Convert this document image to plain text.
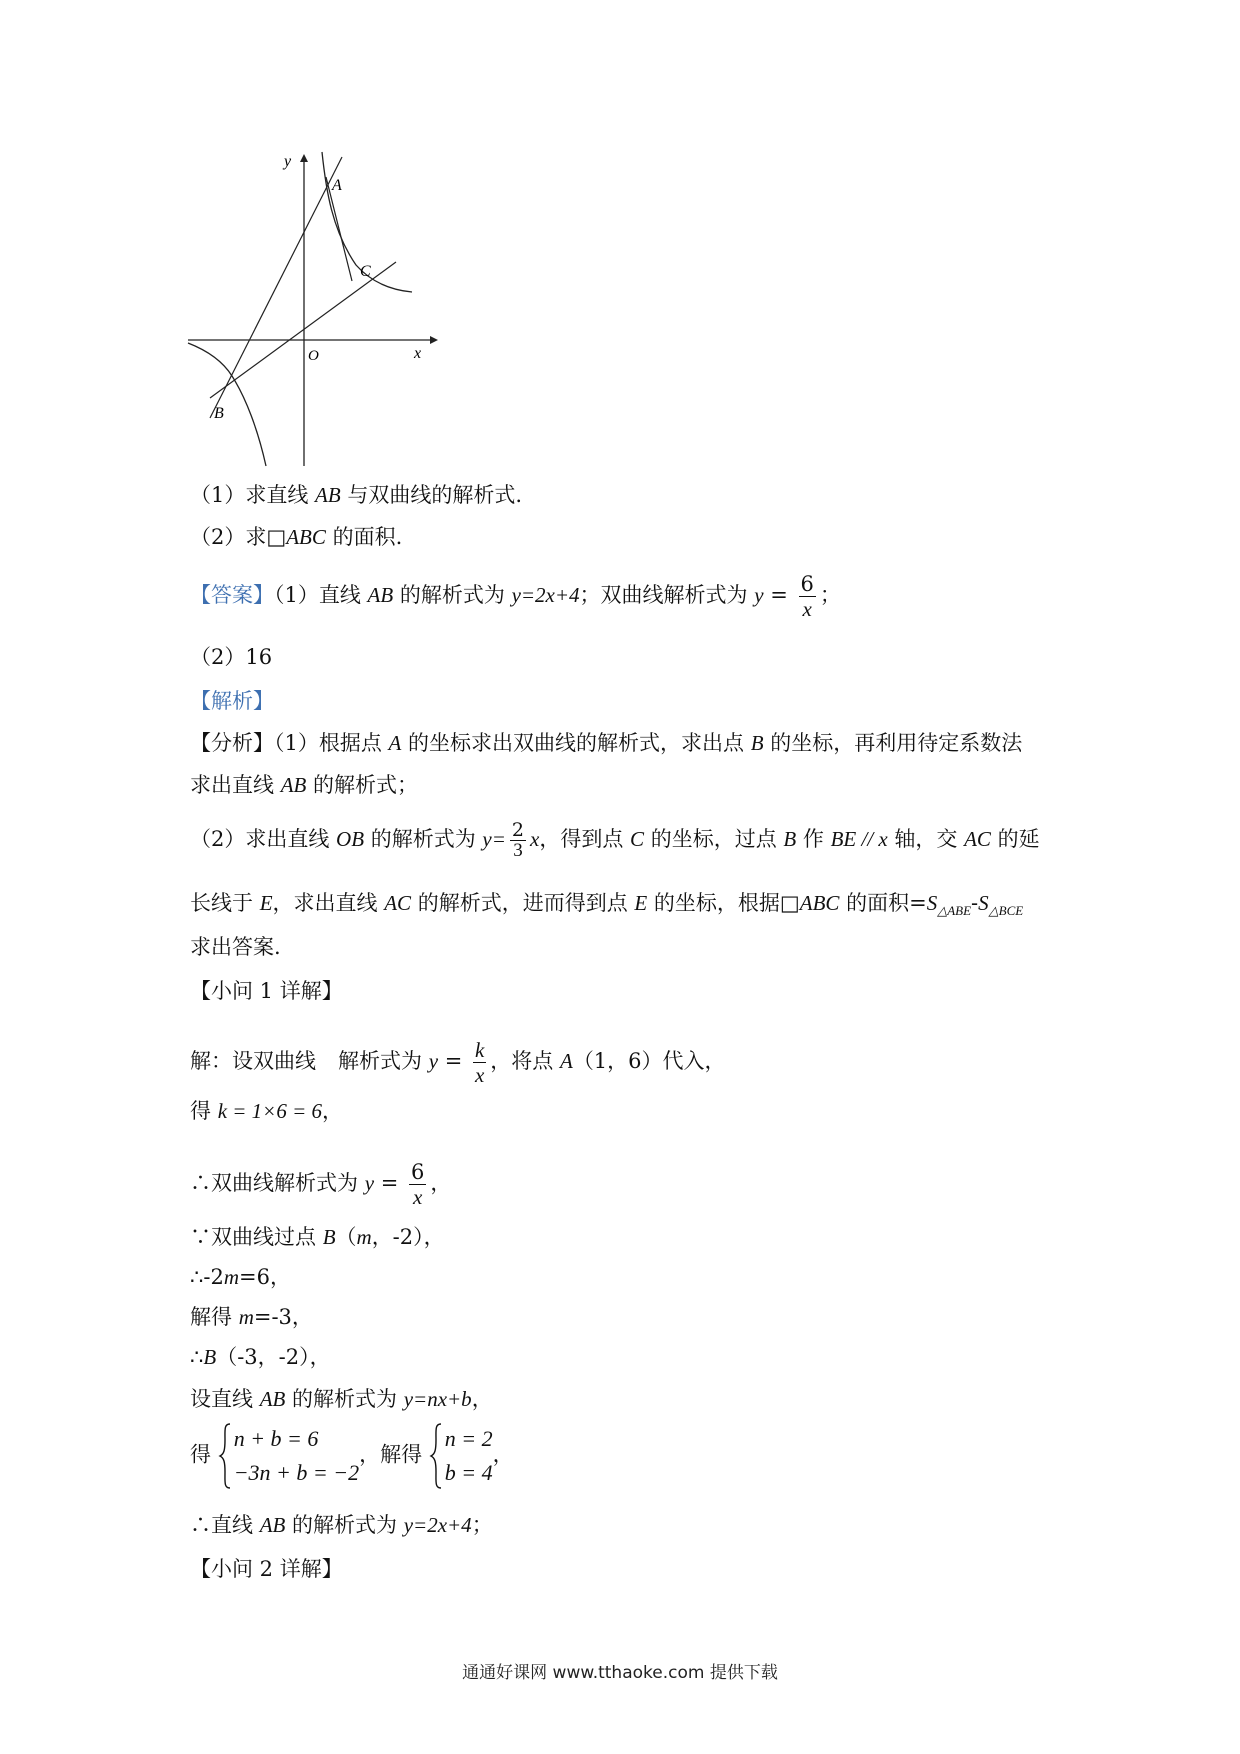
y
x
O
A
C
B
（1）求直线 AB 与双曲线的解析式.
（2）求□ABC 的面积.
【答案】（1）直线 AB 的解析式为 y=2x+4；双曲线解析式为 $y = \frac{6}{x}$ ；
（2）16
【解析】
【分析】（1）根据点 A 的坐标求出双曲线的解析式，求出点 B 的坐标，再利用待定系数法
求出直线 AB 的解析式；
（2）求出直线 OB 的解析式为 $y= \frac{2}{3}$ x，得到点 C 的坐标，过点 B 作 BE // x 轴，交 AC 的延
长线于 E，求出直线 AC 的解析式，进而得到点 E 的坐标，根据□ABC 的面积$=S_{\triangle ABE}-S_{\triangle BCE}$
求出答案.
【小问 1 详解】
解：设双曲线 解析式为 $y = \frac{k}{x}$ ，将点 A（1，6）代入，
得 k = 1×6 = 6，
∴双曲线解析式为 $y = \frac{6}{x}$ ，
∵双曲线过点 B（m，-2），
∴-2m=6，
解得 m=-3，
∴B（-3，-2），
设直线 AB 的解析式为 y=nx+b，
得
n + b = 6
−3n + b = −2
，解得
n = 2
b = 4
，
∴直线 AB 的解析式为 y=2x+4；
【小问 2 详解】
通通好课网 www.tthaoke.com 提供下载
